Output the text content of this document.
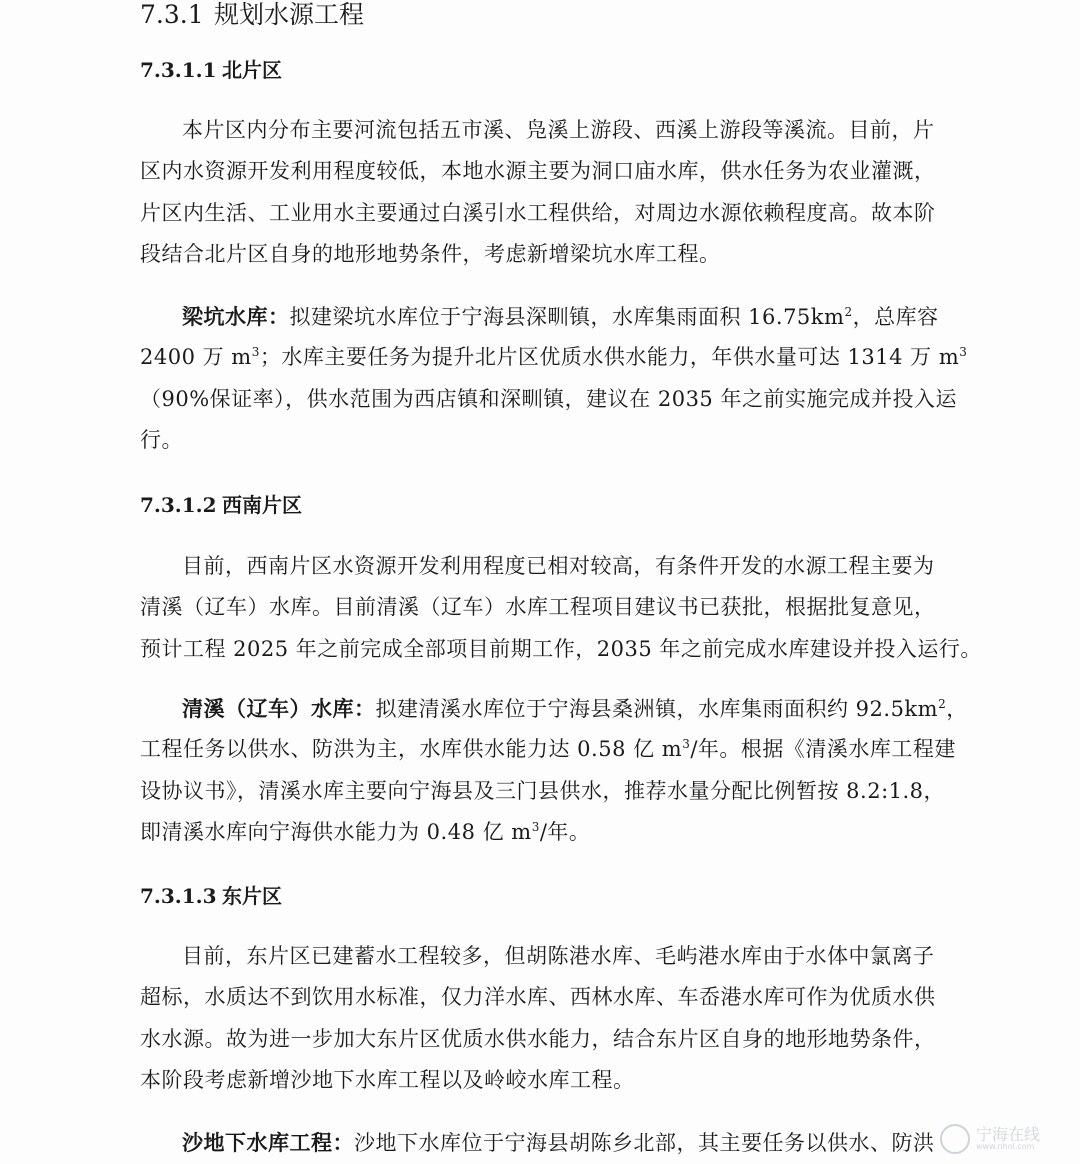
7.3.1 规划水源工程
7.3.1.1 北片区
本片区内分布主要河流包括五市溪、凫溪上游段、西溪上游段等溪流。目前，片
区内水资源开发利用程度较低，本地水源主要为洞口庙水库，供水任务为农业灌溉，
片区内生活、工业用水主要通过白溪引水工程供给，对周边水源依赖程度高。故本阶
段结合北片区自身的地形地势条件，考虑新增梁坑水库工程。
梁坑水库：拟建梁坑水库位于宁海县深甽镇，水库集雨面积 $16.75km^2$，总库容
2400 万 $m^3$；水库主要任务为提升北片区优质水供水能力，年供水量可达 1314 万 $m^3$
（90%保证率），供水范围为西店镇和深甽镇，建议在 2035 年之前实施完成并投入运
行。
7.3.1.2 西南片区
目前，西南片区水资源开发利用程度已相对较高，有条件开发的水源工程主要为
清溪（辽车）水库。目前清溪（辽车）水库工程项目建议书已获批，根据批复意见，
预计工程 2025 年之前完成全部项目前期工作，2035 年之前完成水库建设并投入运行。
清溪（辽车）水库：拟建清溪水库位于宁海县桑洲镇，水库集雨面积约 $92.5km^2$，
工程任务以供水、防洪为主，水库供水能力达 0.58 亿 $m^3/$年。根据《清溪水库工程建
设协议书》，清溪水库主要向宁海县及三门县供水，推荐水量分配比例暂按 8.2:1.8，
即清溪水库向宁海供水能力为 0.48 亿 $m^3/$年。
7.3.1.3 东片区
目前，东片区已建蓄水工程较多，但胡陈港水库、毛屿港水库由于水体中氯离子
超标，水质达不到饮用水标准，仅力洋水库、西林水库、车岙港水库可作为优质水供
水水源。故为进一步加大东片区优质水供水能力，结合东片区自身的地形地势条件，
本阶段考虑新增沙地下水库工程以及岭峧水库工程。
沙地下水库工程：沙地下水库位于宁海县胡陈乡北部，其主要任务以供水、防洪	宁海在线
www.nhol.com
